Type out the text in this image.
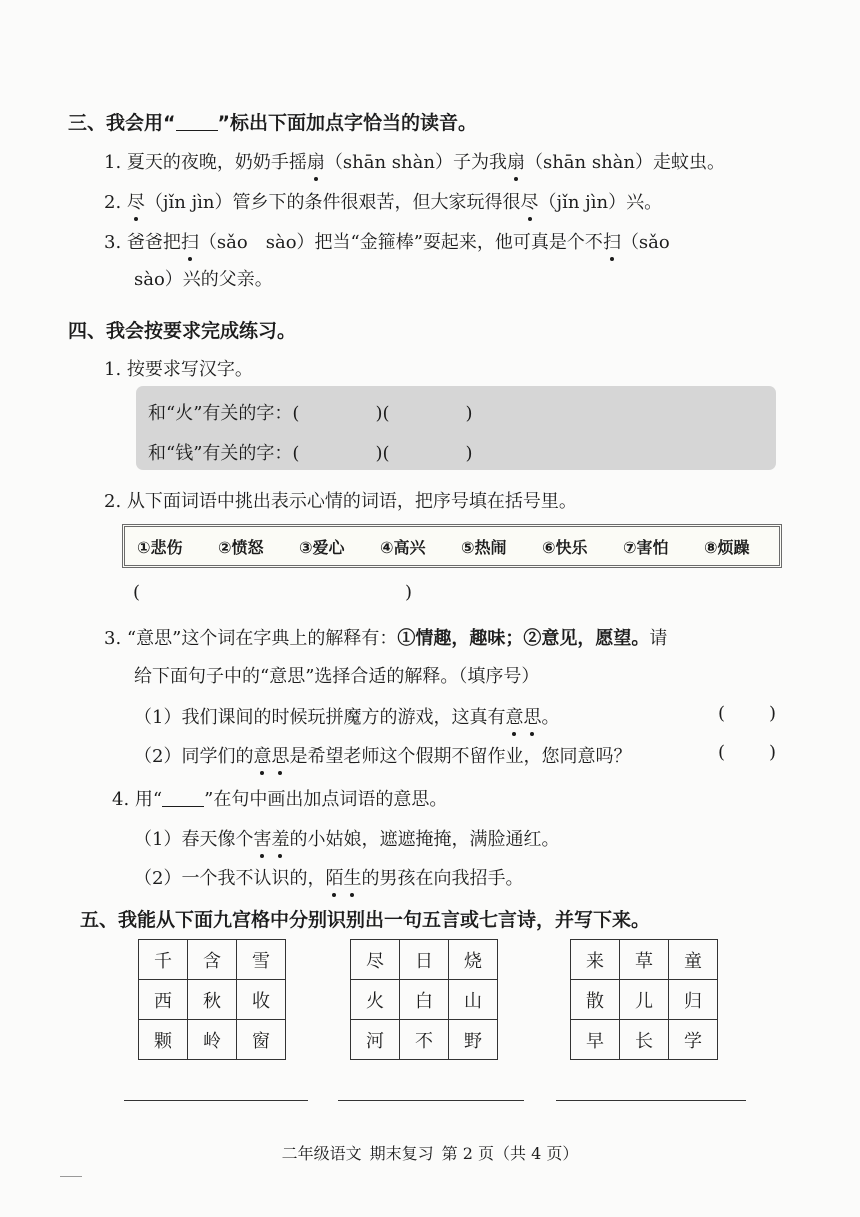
三、我会用“ ”标出下面加点字恰当的读音。
1. 夏天的夜晚，奶奶手摇扇（shān shàn）子为我扇（shān shàn）走蚊虫。
2. 尽（jǐn jìn）管乡下的条件很艰苦，但大家玩得很尽（jǐn jìn）兴。
3. 爸爸把扫（sǎo　sào）把当“金箍棒”耍起来，他可真是个不扫（sǎo
sào）兴的父亲。
四、我会按要求完成练习。
1. 按要求写汉字。
和“火”有关的字：(	)(	)
和“钱”有关的字：(	)(	)
2. 从下面词语中挑出表示心情的词语，把序号填在括号里。
①悲伤 ②愤怒 ③爱心 ④高兴 ⑤热闹 ⑥快乐 ⑦害怕 ⑧烦躁
(	)
3. “意思”这个词在字典上的解释有：①情趣，趣味；②意见，愿望。请
给下面句子中的“意思”选择合适的解释。（填序号）
（1）我们课间的时候玩拼魔方的游戏，这真有意思。	( )
（2）同学们的意思是希望老师这个假期不留作业，您同意吗？	( )
4. 用“ ”在句中画出加点词语的意思。
（1）春天像个害羞的小姑娘，遮遮掩掩，满脸通红。
（2）一个我不认识的，陌生的男孩在向我招手。
五、我能从下面九宫格中分别识别出一句五言或七言诗，并写下来。
千	含	雪
西	秋	收
颗	岭	窗
尽	日	烧
火	白	山
河	不	野
来	草	童
散	儿	归
早	长	学
二年级语文 期末复习 第 2 页（共 4 页）
